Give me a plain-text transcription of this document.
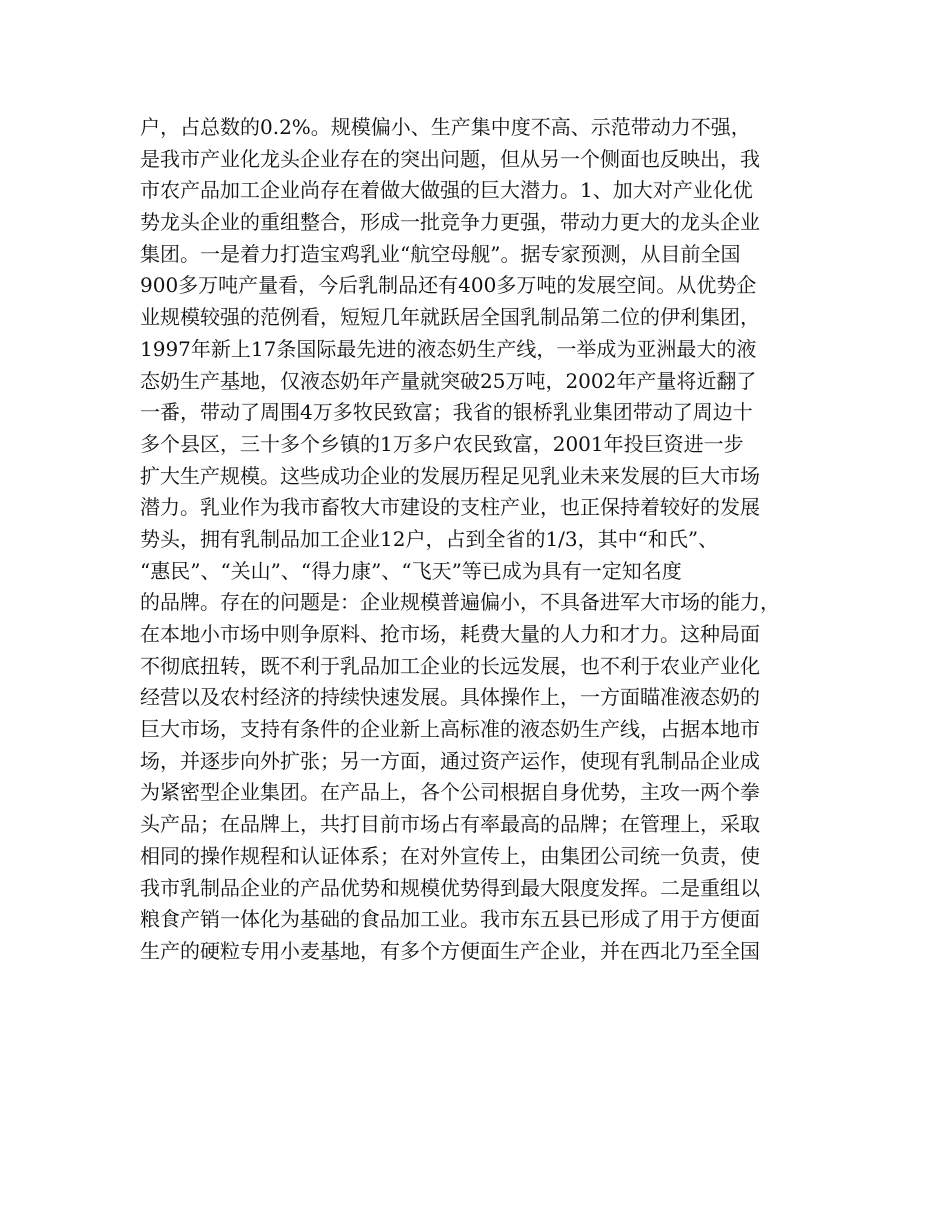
户，占总数的0.2%。规模偏小、生产集中度不高、示范带动力不强，
是我市产业化龙头企业存在的突出问题，但从另一个侧面也反映出，我
市农产品加工企业尚存在着做大做强的巨大潜力。1、加大对产业化优
势龙头企业的重组整合，形成一批竞争力更强，带动力更大的龙头企业
集团。一是着力打造宝鸡乳业“航空母舰”。据专家预测，从目前全国
900多万吨产量看，今后乳制品还有400多万吨的发展空间。从优势企
业规模较强的范例看，短短几年就跃居全国乳制品第二位的伊利集团，
1997年新上17条国际最先进的液态奶生产线，一举成为亚洲最大的液
态奶生产基地，仅液态奶年产量就突破25万吨，2002年产量将近翻了
一番，带动了周围4万多牧民致富；我省的银桥乳业集团带动了周边十
多个县区，三十多个乡镇的1万多户农民致富，2001年投巨资进一步
扩大生产规模。这些成功企业的发展历程足见乳业未来发展的巨大市场
潜力。乳业作为我市畜牧大市建设的支柱产业，也正保持着较好的发展
势头，拥有乳制品加工企业12户，占到全省的1/3，其中“和氏”、
“惠民”、“关山”、“得力康”、“飞天”等已成为具有一定知名度
的品牌。存在的问题是：企业规模普遍偏小，不具备进军大市场的能力，
在本地小市场中则争原料、抢市场，耗费大量的人力和才力。这种局面
不彻底扭转，既不利于乳品加工企业的长远发展，也不利于农业产业化
经营以及农村经济的持续快速发展。具体操作上，一方面瞄准液态奶的
巨大市场，支持有条件的企业新上高标准的液态奶生产线，占据本地市
场，并逐步向外扩张；另一方面，通过资产运作，使现有乳制品企业成
为紧密型企业集团。在产品上，各个公司根据自身优势，主攻一两个拳
头产品；在品牌上，共打目前市场占有率最高的品牌；在管理上，采取
相同的操作规程和认证体系；在对外宣传上，由集团公司统一负责，使
我市乳制品企业的产品优势和规模优势得到最大限度发挥。二是重组以
粮食产销一体化为基础的食品加工业。我市东五县已形成了用于方便面
生产的硬粒专用小麦基地，有多个方便面生产企业，并在西北乃至全国
